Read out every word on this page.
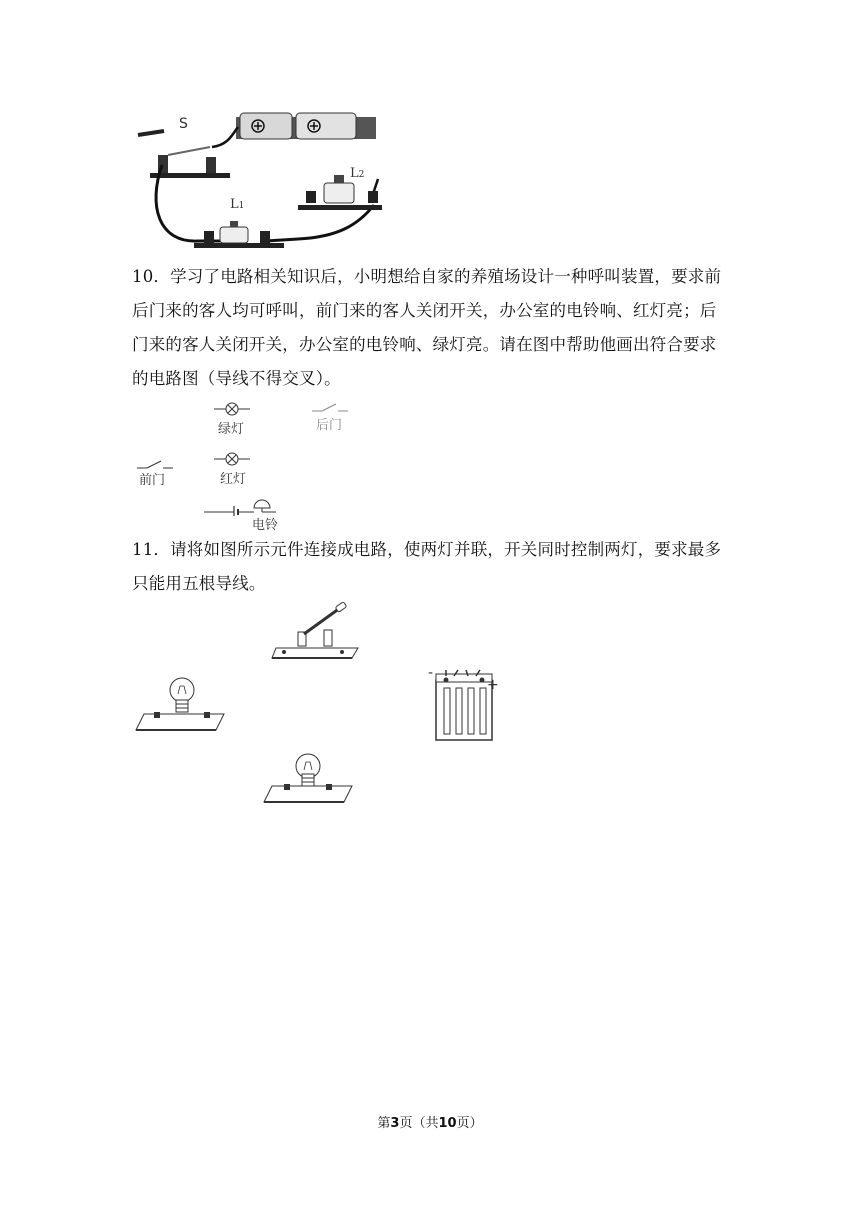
S
L1
L2
10．学习了电路相关知识后，小明想给自家的养殖场设计一种呼叫装置，要求前
后门来的客人均可呼叫，前门来的客人关闭开关，办公室的电铃响、红灯亮；后
门来的客人关闭开关，办公室的电铃响、绿灯亮。请在图中帮助他画出符合要求
的电路图（导线不得交叉）。
绿灯	后门
前门	红灯
电铃
11．请将如图所示元件连接成电路，使两灯并联，开关同时控制两灯，要求最多
只能用五根导线。
-
+
第3页（共10页）
